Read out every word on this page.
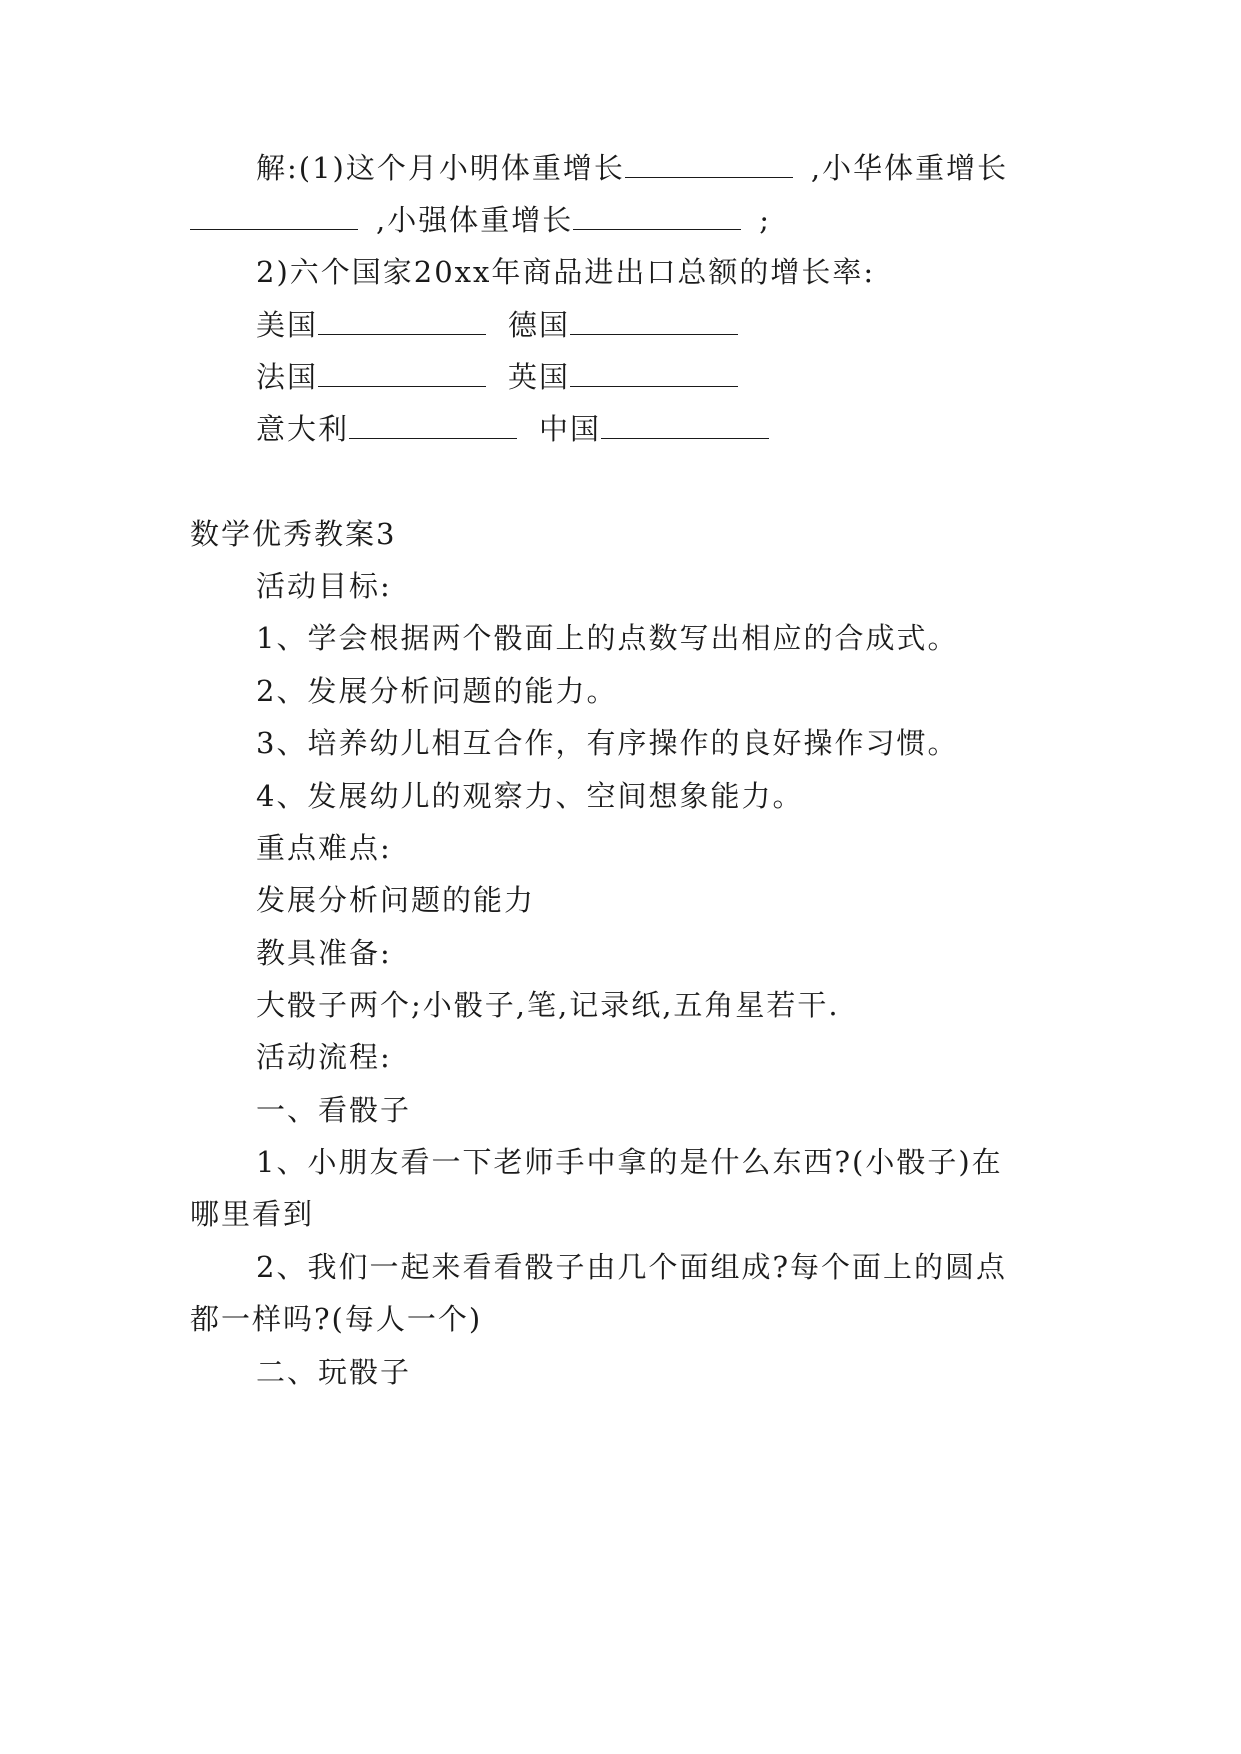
解:(1)这个月小明体重增长	,小华体重增长
,小强体重增长	;
2)六个国家20xx年商品进出口总额的增长率:
美国	德国
法国	英国
意大利	中国
数学优秀教案3
活动目标:
1、学会根据两个骰面上的点数写出相应的合成式。
2、发展分析问题的能力。
3、培养幼儿相互合作，有序操作的良好操作习惯。
4、发展幼儿的观察力、空间想象能力。
重点难点:
发展分析问题的能力
教具准备:
大骰子两个;小骰子,笔,记录纸,五角星若干.
活动流程:
一、看骰子
1、小朋友看一下老师手中拿的是什么东西?(小骰子)在
哪里看到
2、我们一起来看看骰子由几个面组成?每个面上的圆点
都一样吗?(每人一个)
二、玩骰子
